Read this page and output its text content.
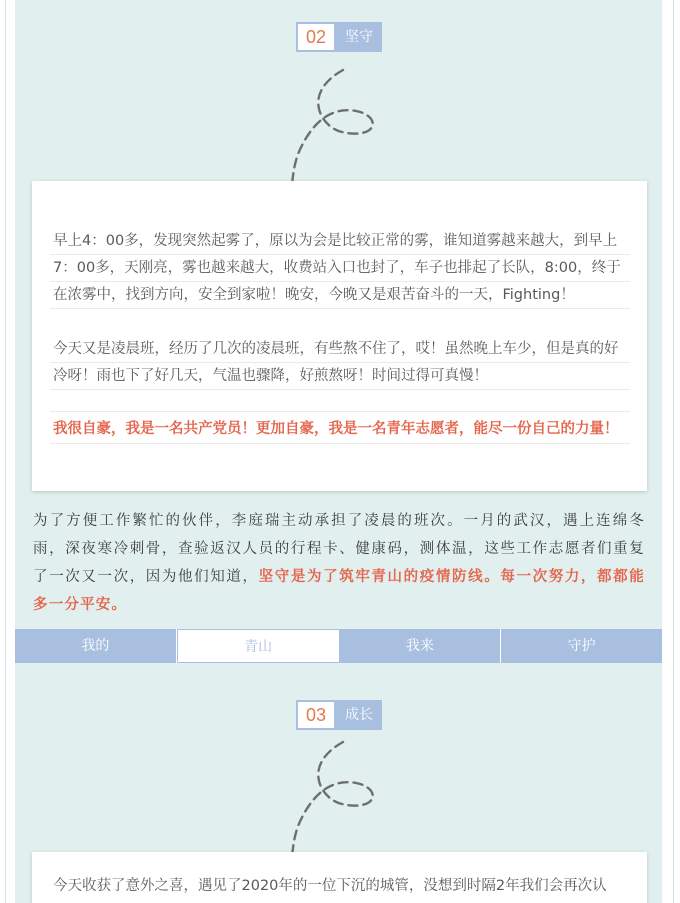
02	坚守

早上4：00多，发现突然起雾了，原以为会是比较正常的雾，谁知道雾越来越大，到早上7：00多，天刚亮，雾也越来越大，收费站入口也封了，车子也排起了长队，8:00，终于在浓雾中，找到方向，安全到家啦！晚安，今晚又是艰苦奋斗的一天，Fighting！

今天又是凌晨班，经历了几次的凌晨班，有些熬不住了，哎！虽然晚上车少，但是真的好冷呀！雨也下了好几天，气温也骤降，好煎熬呀！时间过得可真慢！

我很自豪，我是一名共产党员！更加自豪，我是一名青年志愿者，能尽一份自己的力量！

为了方便工作繁忙的伙伴，李庭瑞主动承担了凌晨的班次。一月的武汉，遇上连绵冬雨，深夜寒冷刺骨，查验返汉人员的行程卡、健康码，测体温，这些工作志愿者们重复了一次又一次，因为他们知道，坚守是为了筑牢青山的疫情防线。每一次努力，都都能多一分平安。

我的	青山	我来	守护
03	成长

今天收获了意外之喜，遇见了2020年的一位下沉的城管，没想到时隔2年我们会再次认
